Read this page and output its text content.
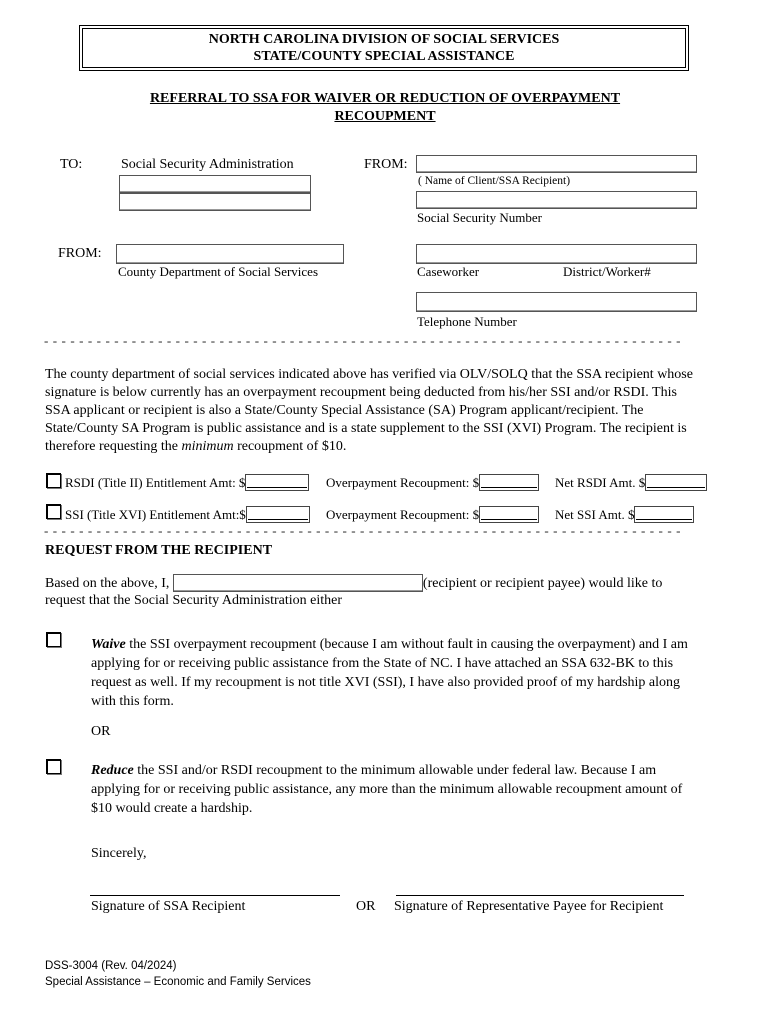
NORTH CAROLINA DIVISION OF SOCIAL SERVICES
STATE/COUNTY SPECIAL ASSISTANCE
REFERRAL TO SSA FOR WAIVER OR REDUCTION OF OVERPAYMENT
RECOUPMENT
TO:	Social Security Administration	FROM:
( Name of Client/SSA Recipient)
Social Security Number
FROM:
County Department of Social Services	Caseworker	District/Worker#
Telephone Number
- - - - - - - - - - - - - - - - - - - - - - - - - - - - - - - - - - - - - - - - - - - - - - - - - - - - - - - - - - - - - - - - - - - - - - - - -
The county department of social services indicated above has verified via OLV/SOLQ that the SSA recipient whose signature is below currently has an overpayment recoupment being deducted from his/her SSI and/or RSDI. This SSA applicant or recipient is also a State/County Special Assistance (SA) Program applicant/recipient. The State/County SA Program is public assistance and is a state supplement to the SSI (XVI) Program. The recipient is therefore requesting the minimum recoupment of $10.
RSDI (Title II) Entitlement Amt: $	Overpayment Recoupment: $	Net RSDI Amt. $
SSI (Title XVI) Entitlement Amt:$	Overpayment Recoupment: $	Net SSI Amt. $
- - - - - - - - - - - - - - - - - - - - - - - - - - - - - - - - - - - - - - - - - - - - - - - - - - - - - - - - - - - - - - - - - - - - - - - - -
REQUEST FROM THE RECIPIENT
Based on the above, I,	(recipient or recipient payee) would like to
request that the Social Security Administration either
Waive the SSI overpayment recoupment (because I am without fault in causing the overpayment) and I am applying for or receiving public assistance from the State of NC. I have attached an SSA 632-BK to this request as well. If my recoupment is not title XVI (SSI), I have also provided proof of my hardship along with this form.
OR
Reduce the SSI and/or RSDI recoupment to the minimum allowable under federal law. Because I am applying for or receiving public assistance, any more than the minimum allowable recoupment amount of $10 would create a hardship.
Sincerely,
Signature of SSA Recipient	OR Signature of Representative Payee for Recipient
DSS-3004 (Rev. 04/2024)
Special Assistance – Economic and Family Services
